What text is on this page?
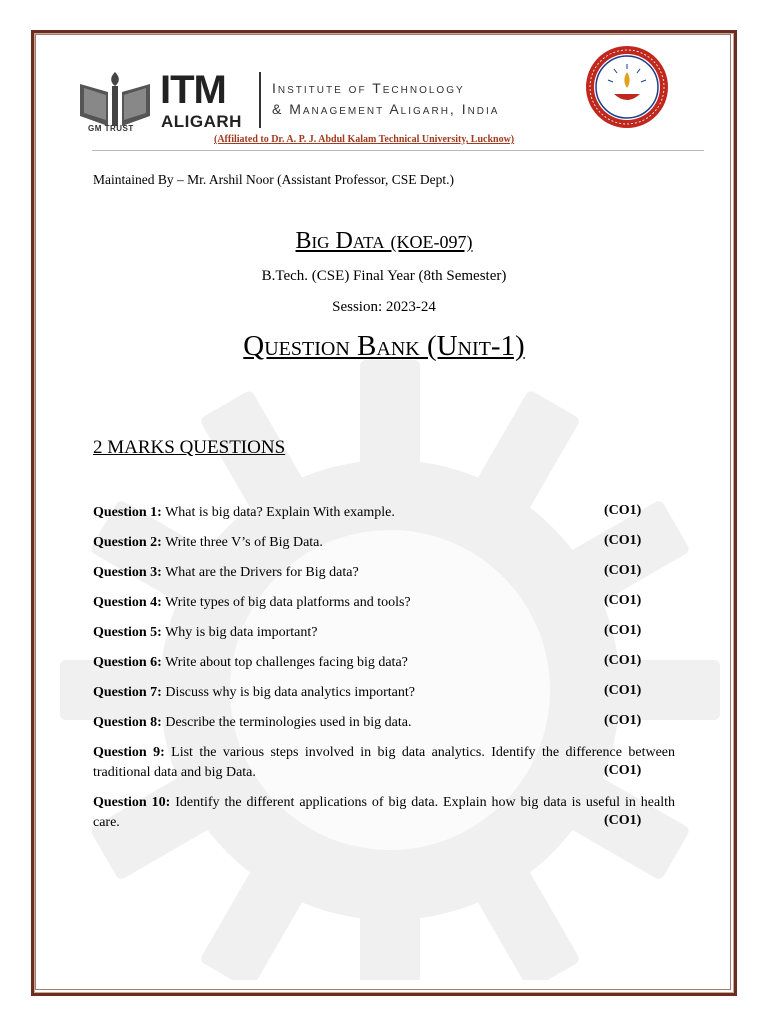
GM TRUST
ITM
ALIGARH
Institute of Technology
& Management Aligarh, India
(Affiliated to Dr. A. P. J. Abdul Kalam Technical University, Lucknow)
Maintained By – Mr. Arshil Noor (Assistant Professor, CSE Dept.)
Big Data (KOE-097)
B.Tech. (CSE) Final Year (8th Semester)
Session: 2023-24
Question Bank (Unit-1)
2 MARKS QUESTIONS
Question 1: What is big data? Explain With example.	(CO1)
Question 2: Write three V’s of Big Data.	(CO1)
Question 3: What are the Drivers for Big data?	(CO1)
Question 4: Write types of big data platforms and tools?	(CO1)
Question 5: Why is big data important?	(CO1)
Question 6: Write about top challenges facing big data?	(CO1)
Question 7: Discuss why is big data analytics important?	(CO1)
Question 8: Describe the terminologies used in big data.	(CO1)
Question 9: List the various steps involved in big data analytics. Identify the difference between traditional data and big Data.	(CO1)
Question 10: Identify the different applications of big data. Explain how big data is useful in health care.	(CO1)
